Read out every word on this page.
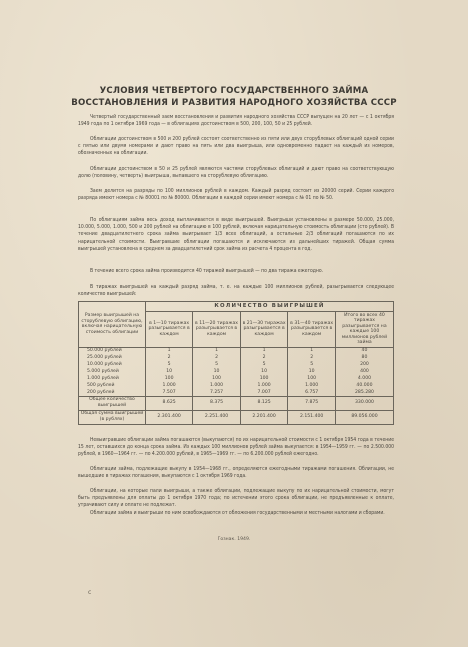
УСЛОВИЯ ЧЕТВЕРТОГО ГОСУДАРСТВЕННОГО ЗАЙМА
ВОССТАНОВЛЕНИЯ И РАЗВИТИЯ НАРОДНОГО ХОЗЯЙСТВА СССР

Четвертый государственный заем восстановления и развития народного хозяйства СССР выпущен на 20 лет — с 1 октября 1949 года по 1 октября 1969 года — в облигациях достоинством в 500, 200, 100, 50 и 25 рублей.

Облигации достоинством в 500 и 200 рублей состоят соответственно из пяти или двух стоpублевых облигаций одной серии с пятью или двумя номерами и дают право на пять или два выигрыша, или одновременно падает на каждый из номеров, обозначенных на облигации.

Облигации достоинством в 50 и 25 рублей являются частями стоpублевых облигаций и дают право на соответствующую долю (половину, четверть) выигрыша, выпавшего на стоpублевую облигацию.

Заем делится на разряды по 100 миллионов рублей в каждом. Каждый разряд состоит из 20000 серий. Серии каждого разряда имеют номера с № 80001 по № 80000. Облигации в каждой серии имеют номера с № 01 по № 50.

По облигациям займа весь доход выплачивается в виде выигрышей. Выигрыши установлены в размере 50.000, 25.000, 10.000, 5.000, 1.000, 500 и 200 рублей на облигацию в 100 рублей, включая нарицательную стоимость облигации (сто рублей). В течение двадцатилетнего срока займа выигрывает 1/3 всех облигаций, а остальные 2/3 облигаций погашаются по их нарицательной стоимости. Выигравшие облигации погашаются и исключаются из дальнейших тиражей. Общая сумма выигрышей установлена в среднем за двадцатилетний срок займа из расчета 4 процента в год.

В течение всего срока займа производится 40 тиражей выигрышей — по два тиража ежегодно.

В тиражах выигрышей на каждый разряд займа, т. е. на каждые 100 миллионов рублей, разыгрывается следующее количество выигрышей:

Размер выигрышей на стоpублевую облигацию, включая нарицательную стоимость облигации	КОЛИЧЕСТВО ВЫИГРЫШЕЙ				
	в 1—10 тиражах разыгрывается в каждом	в 11—20 тиражах разыгрывается в каждом	в 21—30 тиражах разыгрывается в каждом	в 31—40 тиражах разыгрывается в каждом	Итого во всех 40 тиражах разыгрывается на каждые 100 миллионов рублей займа
50.000 рублей	1	1	1	1	40
25.000 рублей	2	2	2	2	80
10.000 рублей	5	5	5	5	200
5.000 рублей	10	10	10	10	400
1.000 рублей	100	100	100	100	4.000
500 рублей	1.000	1.000	1.000	1.000	40.000
200 рублей	7.507	7.257	7.007	6.757	285.280
Общее количество выигрышей	8.625	8.375	8.125	7.875	330.000
Общая сумма выигрышей (в рублях)	2.301.400	2.251.400	2.201.400	2.151.400	89.056.000

Невыигравшие облигации займа погашаются (выкупаются) по их нарицательной стоимости с 1 октября 1954 года в течение 15 лет, оставшихся до конца срока займа. Из каждых 100 миллионов рублей займа выкупается: в 1954—1959 гг. — по 2.500.000 рублей, в 1960—1964 гг. — по 4.200.000 рублей, в 1965—1969 гг. — по 6.200.000 рублей ежегодно.

Облигации займа, подлежащие выкупу в 1954—1968 гг., определяются ежегодными тиражами погашения. Облигации, не вышедшие в тиражах погашения, выкупаются с 1 октября 1969 года.

Облигации, на которые пали выигрыши, а также облигации, подлежащие выкупу по их нарицательной стоимости, могут быть предъявлены для оплаты до 1 октября 1970 года; по истечении этого срока облигации, не предъявленные к оплате, утрачивают силу и оплате не подлежат.

Облигации займа и выигрыши по ним освобождаются от обложения государственными и местными налогами и сборами.

Гознак. 1949.
с
